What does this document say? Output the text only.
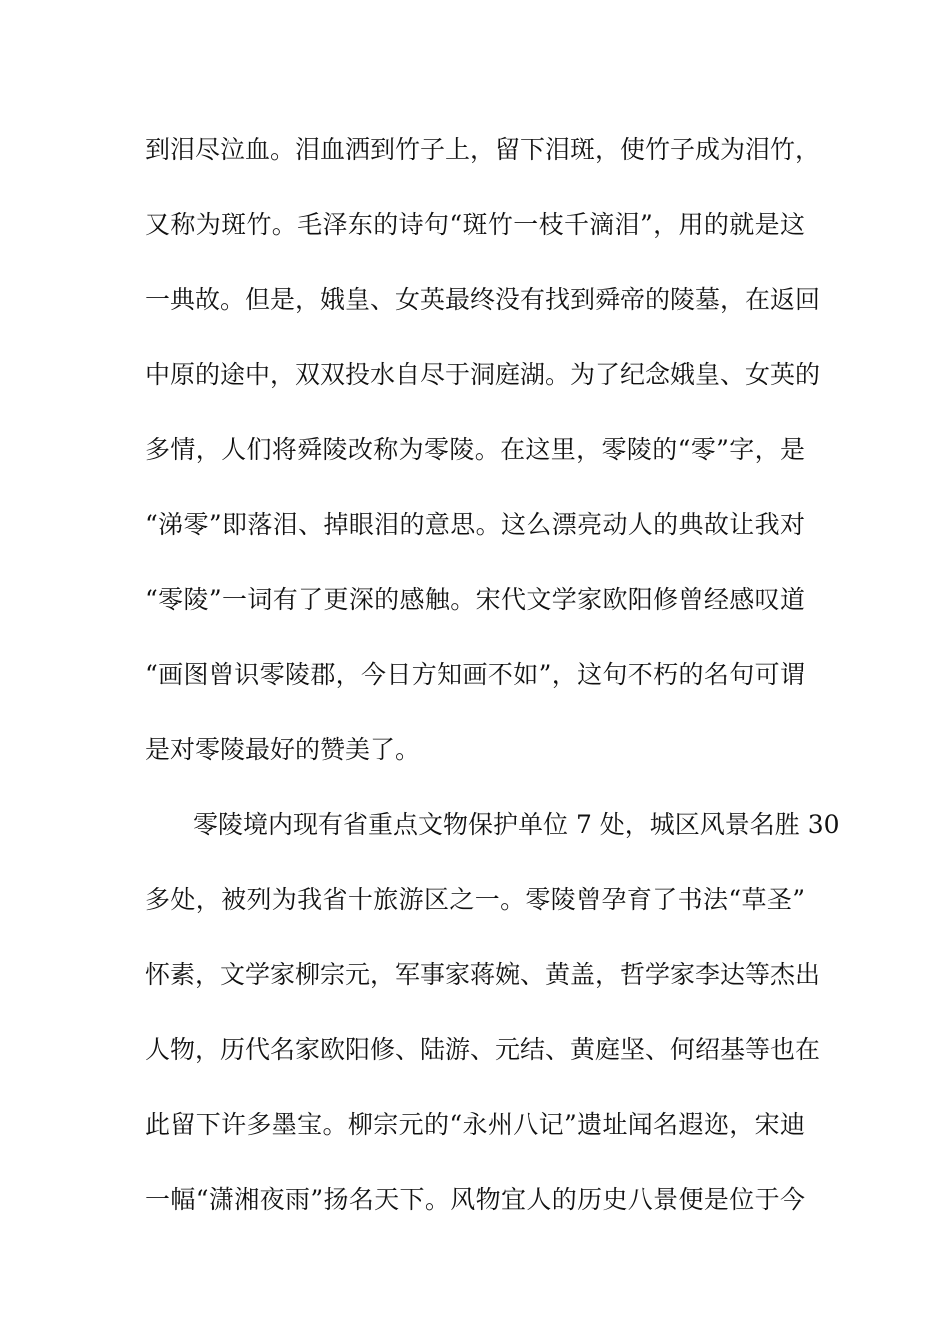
到泪尽泣血。泪血洒到竹子上，留下泪斑，使竹子成为泪竹，
又称为斑竹。毛泽东的诗句“斑竹一枝千滴泪”，用的就是这
一典故。但是，娥皇、女英最终没有找到舜帝的陵墓，在返回
中原的途中，双双投水自尽于洞庭湖。为了纪念娥皇、女英的
多情，人们将舜陵改称为零陵。在这里，零陵的“零”字，是
“涕零”即落泪、掉眼泪的意思。这么漂亮动人的典故让我对
“零陵”一词有了更深的感触。宋代文学家欧阳修曾经感叹道
“画图曾识零陵郡，今日方知画不如”，这句不朽的名句可谓
是对零陵最好的赞美了。
零陵境内现有省重点文物保护单位 7 处，城区风景名胜 30
多处，被列为我省十旅游区之一。零陵曾孕育了书法“草圣”
怀素，文学家柳宗元，军事家蒋婉、黄盖，哲学家李达等杰出
人物，历代名家欧阳修、陆游、元结、黄庭坚、何绍基等也在
此留下许多墨宝。柳宗元的“永州八记”遗址闻名遐迩，宋迪
一幅“潇湘夜雨”扬名天下。风物宜人的历史八景便是位于今
